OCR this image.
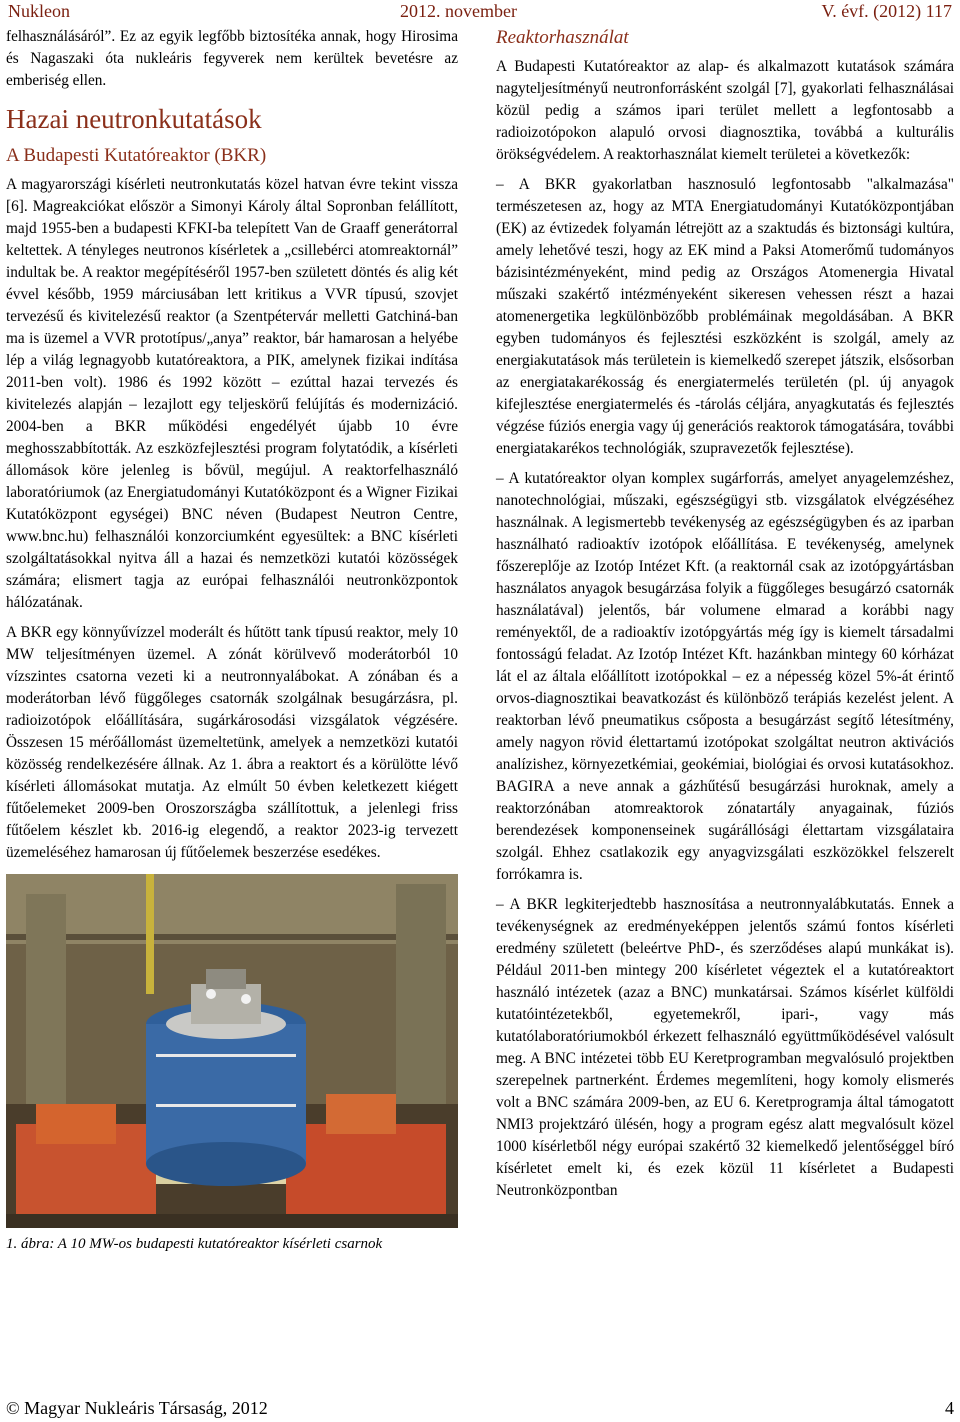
Nukleon	2012. november	V. évf. (2012) 117

felhasználásáról”. Ez az egyik legfőbb biztosítéka annak, hogy Hirosima és Nagaszaki óta nukleáris fegyverek nem kerültek bevetésre az emberiség ellen.

Hazai neutronkutatások
A Budapesti Kutatóreaktor (BKR)

A magyarországi kísérleti neutronkutatás közel hatvan évre tekint vissza [6]. Magreakciókat először a Simonyi Károly által Sopronban felállított, majd 1955-ben a budapesti KFKI-ba telepített Van de Graaff generátorral keltettek. A tényleges neutronos kísérletek a „csillebérci atomreaktornál” indultak be. A reaktor megépítéséről 1957-ben született döntés és alig két évvel később, 1959 márciusában lett kritikus a VVR típusú, szovjet tervezésű és kivitelezésű reaktor (a Szentpétervár melletti Gatchiná-ban ma is üzemel a VVR prototípus/„anya” reaktor, bár hamarosan a helyébe lép a világ legnagyobb kutatóreaktora, a PIK, amelynek fizikai indítása 2011-ben volt). 1986 és 1992 között – ezúttal hazai tervezés és kivitelezés alapján – lezajlott egy teljeskörű felújítás és modernizáció. 2004-ben a BKR működési engedélyét újabb 10 évre meghosszabbították. Az eszközfejlesztési program folytatódik, a kísérleti állomások köre jelenleg is bővül, megújul. A reaktorfelhasználó laboratóriumok (az Energiatudományi Kutatóközpont és a Wigner Fizikai Kutatóközpont egységei) BNC néven (Budapest Neutron Centre, www.bnc.hu) felhasználói konzorciumként egyesültek: a BNC kísérleti szolgáltatásokkal nyitva áll a hazai és nemzetközi kutatói közösségek számára; elismert tagja az európai felhasználói neutronközpontok hálózatának.

A BKR egy könnyűvízzel moderált és hűtött tank típusú reaktor, mely 10 MW teljesítményen üzemel. A zónát körülvevő moderátorból 10 vízszintes csatorna vezeti ki a neutronnyalábokat. A zónában és a moderátorban lévő függőleges csatornák szolgálnak besugárzásra, pl. radioizotópok előállítására, sugárkárosodási vizsgálatok végzésére. Összesen 15 mérőállomást üzemeltetünk, amelyek a nemzetközi kutatói közösség rendelkezésére állnak. Az 1. ábra a reaktort és a körülötte lévő kísérleti állomásokat mutatja. Az elmúlt 50 évben keletkezett kiégett fűtőelemeket 2009-ben Oroszországba szállítottuk, a jelenlegi friss fűtőelem készlet kb. 2016-ig elegendő, a reaktor 2023-ig tervezett üzemeléséhez hamarosan új fűtőelemek beszerzése esedékes.

1. ábra: A 10 MW-os budapesti kutatóreaktor kísérleti csarnok
Reaktorhasználat

A Budapesti Kutatóreaktor az alap- és alkalmazott kutatások számára nagyteljesítményű neutronforrásként szolgál [7], gyakorlati felhasználásai közül pedig a számos ipari terület mellett a legfontosabb a radioizotópokon alapuló orvosi diagnosztika, továbbá a kulturális örökségvédelem. A reaktorhasználat kiemelt területei a következők:

– A BKR gyakorlatban hasznosuló legfontosabb "alkalmazása" természetesen az, hogy az MTA Energiatudományi Kutatóközpontjában (EK) az évtizedek folyamán létrejött az a szaktudás és biztonsági kultúra, amely lehetővé teszi, hogy az EK mind a Paksi Atomerőmű tudományos bázisintézményeként, mind pedig az Országos Atomenergia Hivatal műszaki szakértő intézményeként sikeresen vehessen részt a hazai atomenergetika legkülönbözőbb problémáinak megoldásában. A BKR egyben tudományos és fejlesztési eszközként is szolgál, amely az energiakutatások más területein is kiemelkedő szerepet játszik, elsősorban az energiatakarékosság és energiatermelés területén (pl. új anyagok kifejlesztése energiatermelés és -tárolás céljára, anyagkutatás és fejlesztés végzése fúziós energia vagy új generációs reaktorok támogatására, további energiatakarékos technológiák, szupravezetők fejlesztése).

– A kutatóreaktor olyan komplex sugárforrás, amelyet anyagelemzéshez, nanotechnológiai, műszaki, egészségügyi stb. vizsgálatok elvégzéséhez használnak. A legismertebb tevékenység az egészségügyben és az iparban használható radioaktív izotópok előállítása. E tevékenység, amelynek főszereplője az Izotóp Intézet Kft. (a reaktornál csak az izotópgyártásban használatos anyagok besugárzása folyik a függőleges besugárzó csatornák használatával) jelentős, bár volumene elmarad a korábbi nagy reményektől, de a radioaktív izotópgyártás még így is kiemelt társadalmi fontosságú feladat. Az Izotóp Intézet Kft. hazánkban mintegy 60 kórházat lát el az általa előállított izotópokkal – ez a népesség közel 5%-át érintő orvos-diagnosztikai beavatkozást és különböző terápiás kezelést jelent. A reaktorban lévő pneumatikus csőposta a besugárzást segítő létesítmény, amely nagyon rövid élettartamú izotópokat szolgáltat neutron aktivációs analízishez, környezetkémiai, geokémiai, biológiai és orvosi kutatásokhoz. BAGIRA a neve annak a gázhűtésű besugárzási huroknak, amely a reaktorzónában atomreaktorok zónatartály anyagainak, fúziós berendezések komponenseinek sugárállósági élettartam vizsgálataira szolgál. Ehhez csatlakozik egy anyagvizsgálati eszközökkel felszerelt forrókamra is.

– A BKR legkiterjedtebb hasznosítása a neutronnyalábkutatás. Ennek a tevékenységnek az eredményeképpen jelentős számú fontos kísérleti eredmény született (beleértve PhD-, és szerződéses alapú munkákat is). Például 2011-ben mintegy 200 kísérletet végeztek el a kutatóreaktort használó intézetek (azaz a BNC) munkatársai. Számos kísérlet külföldi kutatóintézetekből, egyetemekről, ipari-, vagy más kutatólaboratóriumokból érkezett felhasználó együttműködésével valósult meg. A BNC intézetei több EU Keretprogramban megvalósuló projektben szerepelnek partnerként. Érdemes megemlíteni, hogy komoly elismerés volt a BNC számára 2009-ben, az EU 6. Keretprogramja által támogatott NMI3 projektzáró ülésén, hogy a program egész alatt megvalósult közel 1000 kísérletből négy európai szakértő 32 kiemelkedő jelentőséggel bíró kísérletet emelt ki, és ezek közül 11 kísérletet a Budapesti Neutronközpontban

© Magyar Nukleáris Társaság, 2012	4
